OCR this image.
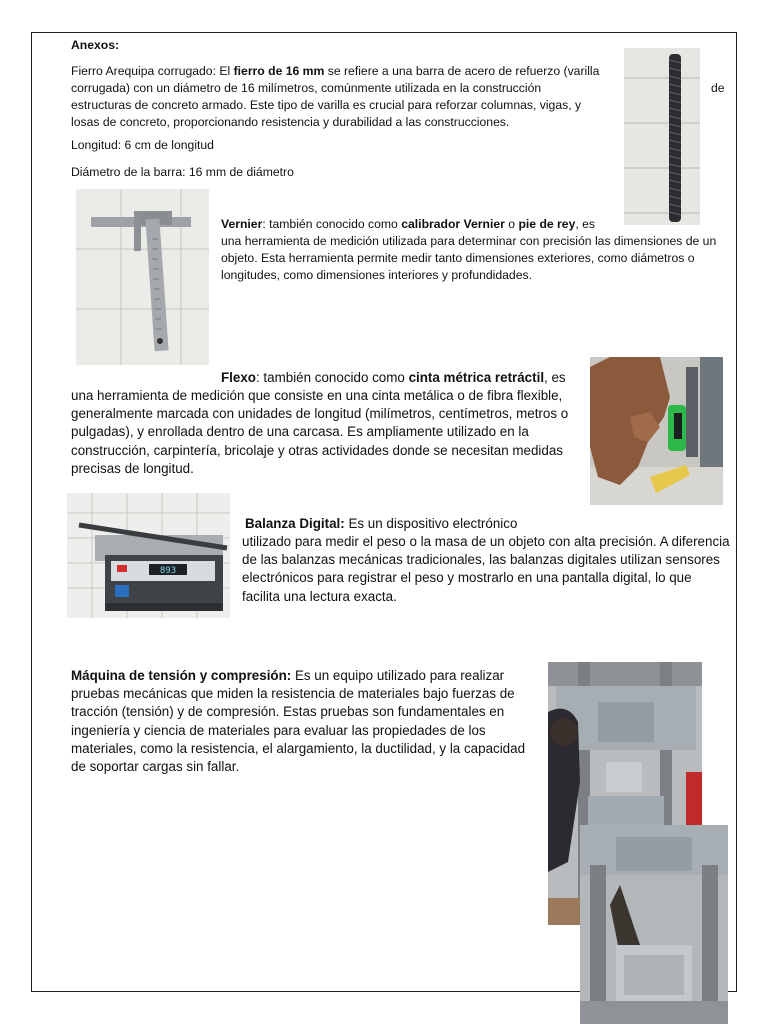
Anexos:

Fierro Arequipa corrugado: El fierro de 16 mm se refiere a una barra de acero de refuerzo (varilla corrugada) con un diámetro de 16 milímetros, comúnmente utilizada en la construcción	de

estructuras de concreto armado. Este tipo de varilla es crucial para reforzar columnas, vigas, y losas de concreto, proporcionando resistencia y durabilidad a las construcciones.

Longitud: 6 cm de longitud

Diámetro de la barra: 16 mm de diámetro

Vernier: también conocido como calibrador Vernier o pie de rey, es

una herramienta de medición utilizada para determinar con precisión las dimensiones de un objeto. Esta herramienta permite medir tanto dimensiones exteriores, como diámetros o longitudes, como dimensiones interiores y profundidades.

Flexo: también conocido como cinta métrica retráctil, es

una herramienta de medición que consiste en una cinta metálica o de fibra flexible, generalmente marcada con unidades de longitud (milímetros, centímetros, metros o pulgadas), y enrollada dentro de una carcasa. Es ampliamente utilizado en la construcción, carpintería, bricolaje y otras actividades donde se necesitan medidas precisas de longitud.

893

Balanza Digital: Es un dispositivo electrónico

utilizado para medir el peso o la masa de un objeto con alta precisión. A diferencia de las balanzas mecánicas tradicionales, las balanzas digitales utilizan sensores electrónicos para registrar el peso y mostrarlo en una pantalla digital, lo que facilita una lectura exacta.

Máquina de tensión y compresión: Es un equipo utilizado para realizar pruebas mecánicas que miden la resistencia de materiales bajo fuerzas de tracción (tensión) y de compresión. Estas pruebas son fundamentales en ingeniería y ciencia de materiales para evaluar las propiedades de los materiales, como la resistencia, el alargamiento, la ductilidad, y la capacidad de soportar cargas sin fallar.
